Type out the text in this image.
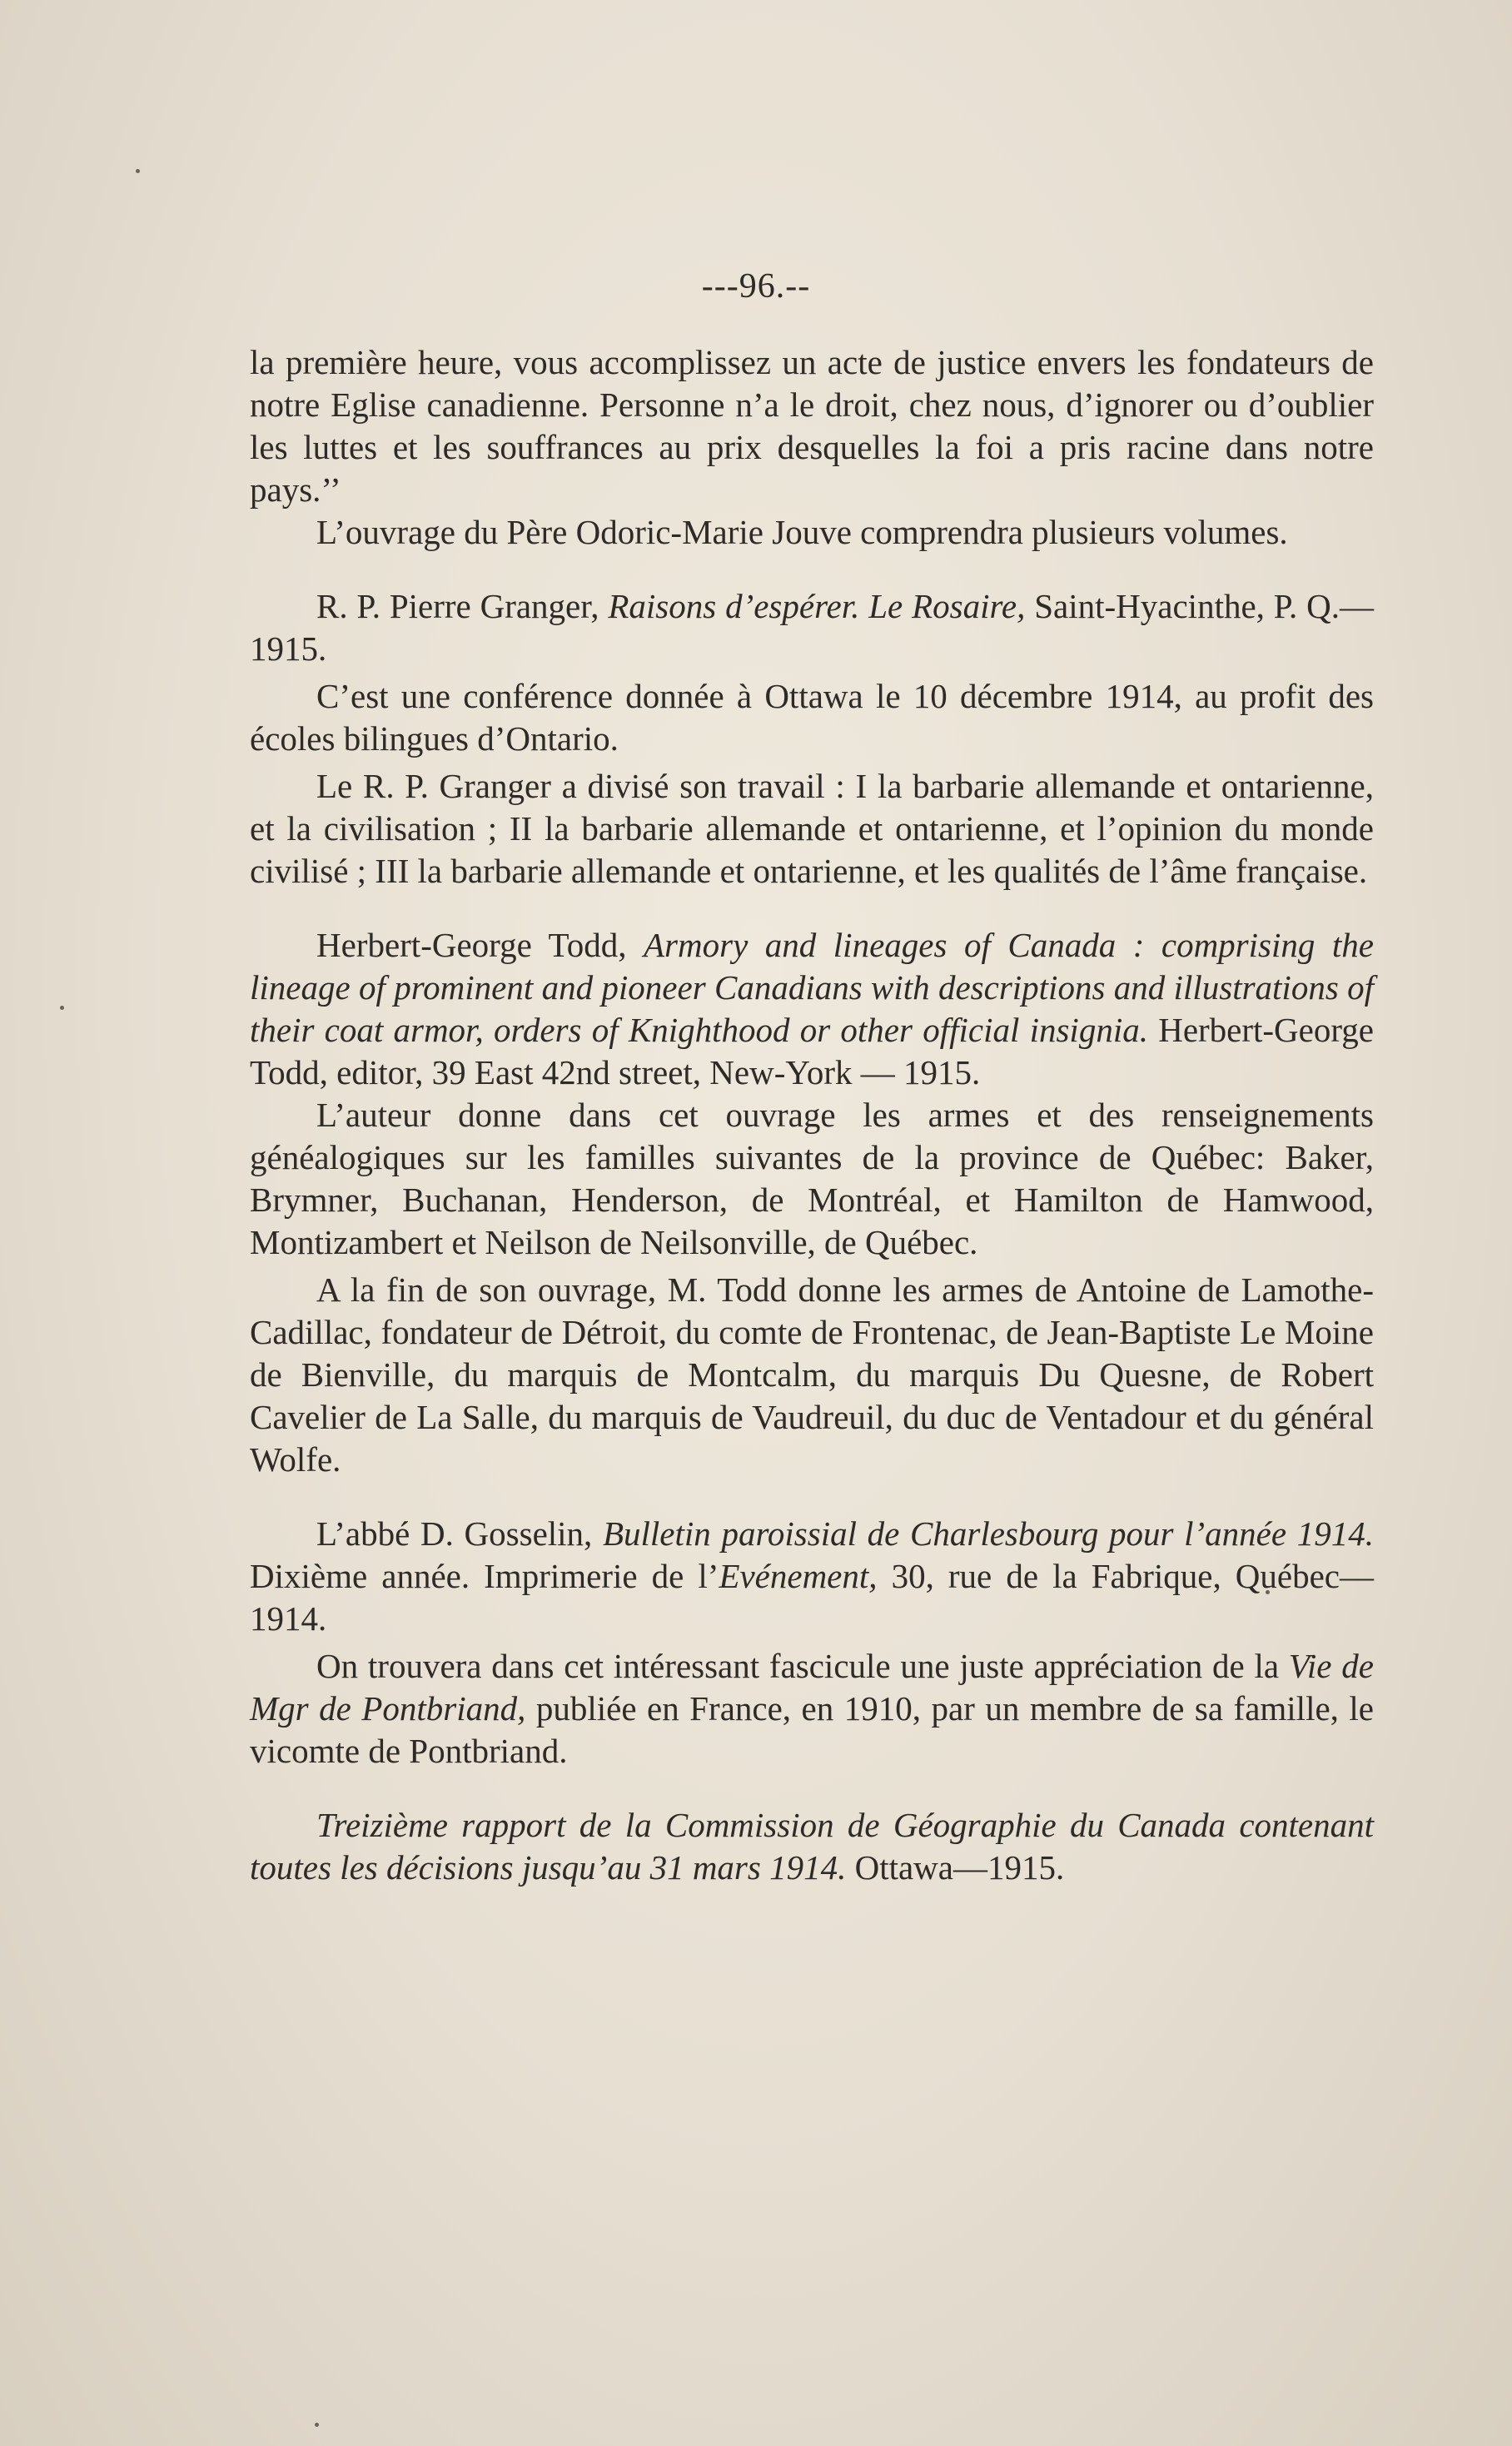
---96.--

la première heure, vous accomplissez un acte de justice envers les fondateurs de notre Eglise canadienne. Personne n’a le droit, chez nous, d’ignorer ou d’oublier les luttes et les souffrances au prix desquelles la foi a pris racine dans notre pays.’’

L’ouvrage du Père Odoric-Marie Jouve comprendra plusieurs volumes.

R. P. Pierre Granger, Raisons d’espérer. Le Rosaire, Saint-Hyacinthe, P. Q.—1915.

C’est une conférence donnée à Ottawa le 10 décembre 1914, au profit des écoles bilingues d’Ontario.

Le R. P. Granger a divisé son travail : I la barbarie allemande et ontarienne, et la civilisation ; II la barbarie allemande et ontarienne, et l’opinion du monde civilisé ; III la barbarie allemande et ontarienne, et les qualités de l’âme française.

Herbert-George Todd, Armory and lineages of Canada : comprising the lineage of prominent and pioneer Canadians with descriptions and illustrations of their coat armor, orders of Knighthood or other official insignia. Herbert-George Todd, editor, 39 East 42nd street, New-York — 1915.

L’auteur donne dans cet ouvrage les armes et des renseignements généalogiques sur les familles suivantes de la province de Québec: Baker, Brymner, Buchanan, Henderson, de Montréal, et Hamilton de Hamwood, Montizambert et Neilson de Neilsonville, de Québec.

A la fin de son ouvrage, M. Todd donne les armes de Antoine de Lamothe-Cadillac, fondateur de Détroit, du comte de Frontenac, de Jean-Baptiste Le Moine de Bienville, du marquis de Montcalm, du marquis Du Quesne, de Robert Cavelier de La Salle, du marquis de Vaudreuil, du duc de Ventadour et du général Wolfe.

L’abbé D. Gosselin, Bulletin paroissial de Charlesbourg pour l’année 1914. Dixième année. Imprimerie de l’Evénement, 30, rue de la Fabrique, Québec—1914.

On trouvera dans cet intéressant fascicule une juste appréciation de la Vie de Mgr de Pontbriand, publiée en France, en 1910, par un membre de sa famille, le vicomte de Pontbriand.

Treizième rapport de la Commission de Géographie du Canada contenant toutes les décisions jusqu’au 31 mars 1914. Ottawa—1915.
